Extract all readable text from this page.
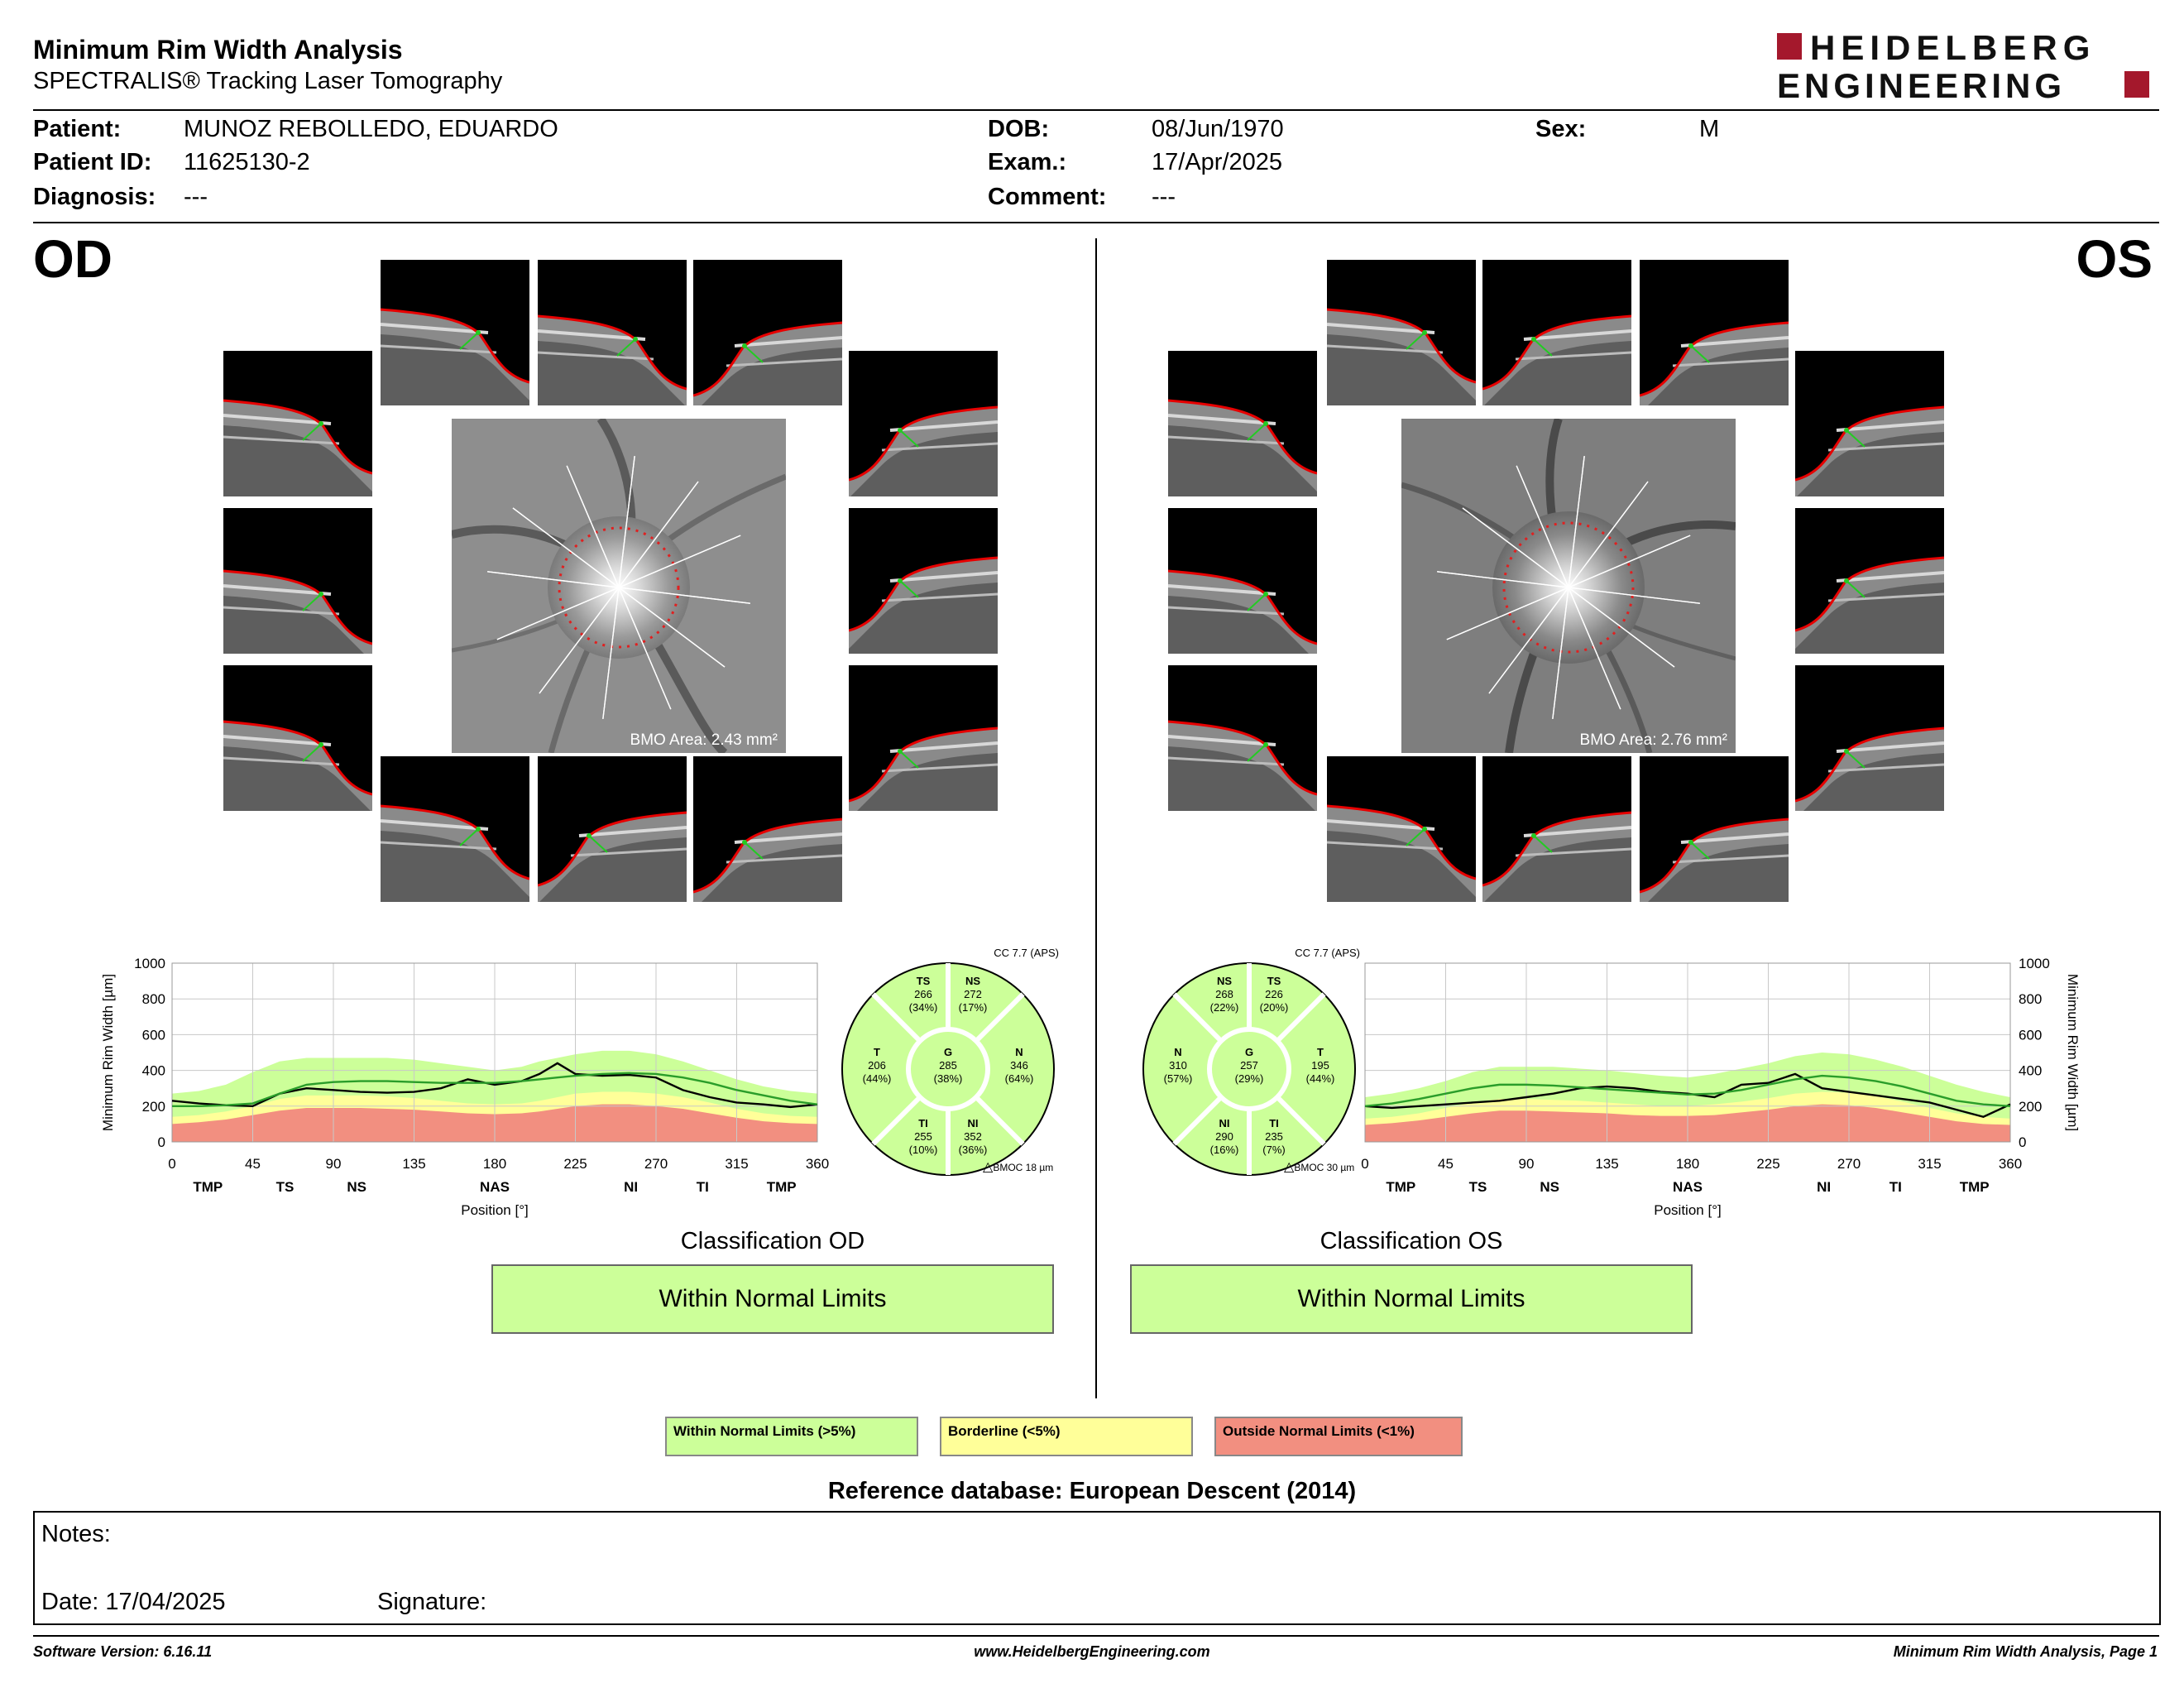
Minimum Rim Width Analysis
SPECTRALIS® Tracking Laser Tomography
HEIDELBERG
ENGINEERING
Patient:	MUNOZ REBOLLEDO, EDUARDO
Patient ID: 11625130-2
Diagnosis: ---
DOB:	08/Jun/1970
Exam.:	17/Apr/2025
Comment: ---
Sex:	M
OD	OS
BMO Area: 2.43 mm²	BMO Area: 2.76 mm²
0	45	90	135	180	225	270	315	360
0
200
400
600
800
1000
TMP	TS	NS	NAS	NI	TI	TMP
Position [°]
Minimum Rim Width [µm]
0	45	90	135	180	225	270	315	360
0
200
400
600
800
1000
TMP	TS	NS	NAS	NI	TI	TMP
Position [°]
Minimum Rim Width [µm]
CC 7.7 (APS)
TS
266
(34%)
NS
272
(17%)
T
206
(44%)
G
285
(38%)
N
346
(64%)
TI
255
(10%)
NI
352
(36%)
△BMOC 18 µm
CC 7.7 (APS)
NS
268
(22%)
TS
226
(20%)
N
310
(57%)
G
257
(29%)
T
195
(44%)
NI
290
(16%)
TI
235
(7%)
△BMOC 30 µm
Classification OD
Within Normal Limits
Classification OS
Within Normal Limits
Within Normal Limits (>5%)	Borderline (<5%)	Outside Normal Limits (<1%)
Reference database: European Descent (2014)
Notes:
Date: 17/04/2025	Signature:
Software Version: 6.16.11	www.HeidelbergEngineering.com	Minimum Rim Width Analysis, Page 1
